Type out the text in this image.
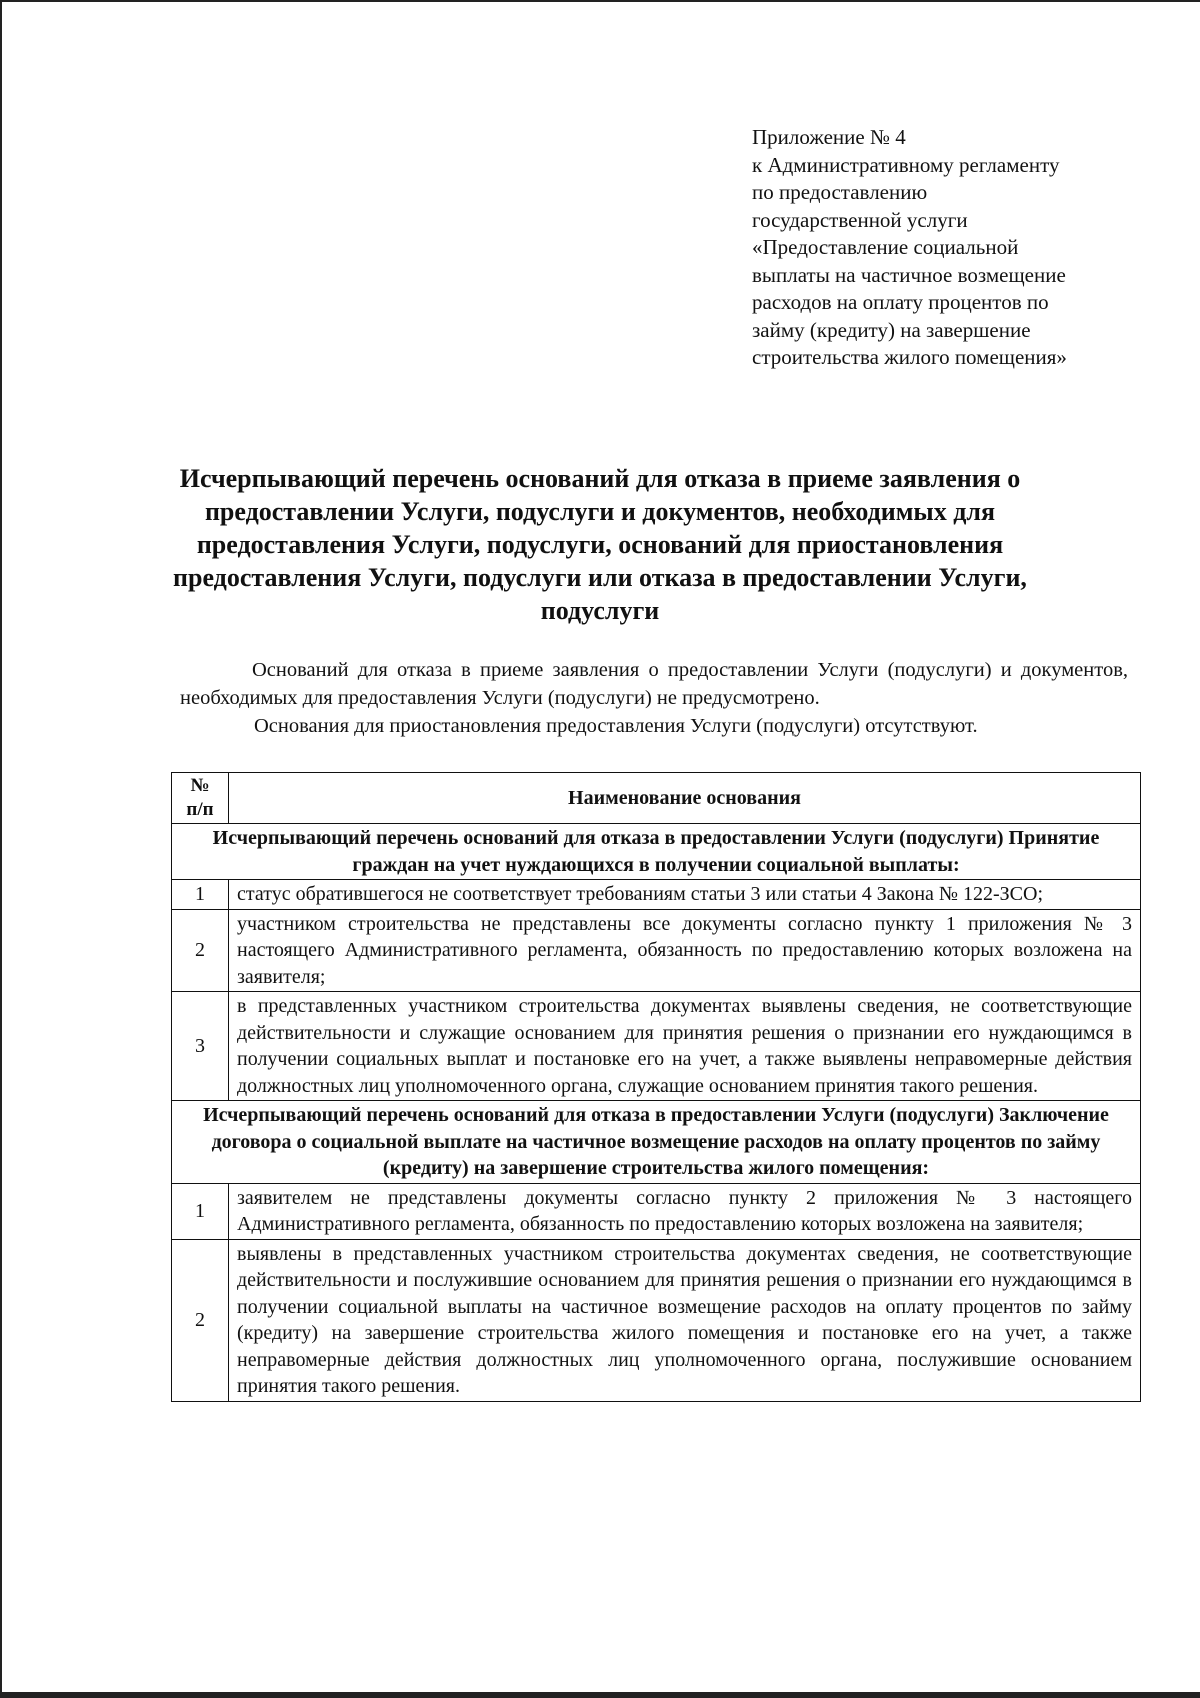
Приложение № 4
к Административному регламенту
по предоставлению
государственной услуги
«Предоставление социальной
выплаты на частичное возмещение
расходов на оплату процентов по
займу (кредиту) на завершение
строительства жилого помещения»
Исчерпывающий перечень оснований для отказа в приеме заявления о
предоставлении Услуги, подуслуги и документов, необходимых для
предоставления Услуги, подуслуги, оснований для приостановления
предоставления Услуги, подуслуги или отказа в предоставлении Услуги,
подуслуги

Оснований для отказа в приеме заявления о предоставлении Услуги (подуслуги) и документов, необходимых для предоставления Услуги (подуслуги) не предусмотрено.

Основания для приостановления предоставления Услуги (подуслуги) отсутствуют.

№
п/п	Наименование основания
Исчерпывающий перечень оснований для отказа в предоставлении Услуги (подуслуги) Принятие граждан на учет нуждающихся в получении социальной выплаты:	
1	статус обратившегося не соответствует требованиям статьи 3 или статьи 4 Закона № 122-ЗСО;
2	участником строительства не представлены все документы согласно пункту 1 приложения № 3 настоящего Административного регламента, обязанность по предоставлению которых возложена на заявителя;
3	в представленных участником строительства документах выявлены сведения, не соответствующие действительности и служащие основанием для принятия решения о признании его нуждающимся в получении социальных выплат и постановке его на учет, а также выявлены неправомерные действия должностных лиц уполномоченного органа, служащие основанием принятия такого решения.
Исчерпывающий перечень оснований для отказа в предоставлении Услуги (подуслуги) Заключение договора о социальной выплате на частичное возмещение расходов на оплату процентов по займу (кредиту) на завершение строительства жилого помещения:	
1	заявителем не представлены документы согласно пункту 2 приложения № 3 настоящего Административного регламента, обязанность по предоставлению которых возложена на заявителя;
2	выявлены в представленных участником строительства документах сведения, не соответствующие действительности и послужившие основанием для принятия решения о признании его нуждающимся в получении социальной выплаты на частичное возмещение расходов на оплату процентов по займу (кредиту) на завершение строительства жилого помещения и постановке его на учет, а также неправомерные действия должностных лиц уполномоченного органа, послужившие основанием принятия такого решения.
